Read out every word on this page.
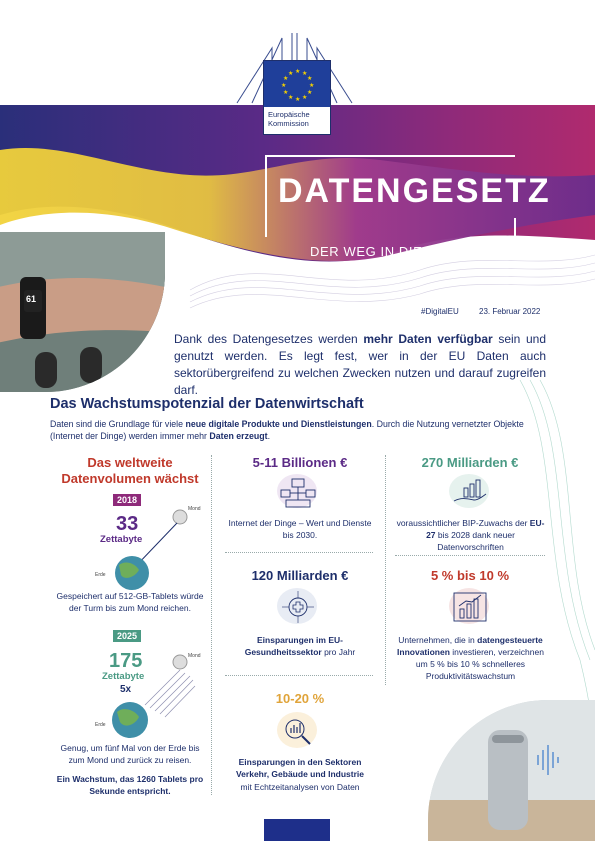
★ ★
★
★
★
★
★
★
★
★
★
★
Europäische
Kommission
DATENGESETZ
DER WEG IN DIE DIGITALE DEKADE
61
#DigitalEU	23. Februar 2022
Dank des Datengesetzes werden mehr Daten verfügbar sein und genutzt werden. Es legt fest, wer in der EU Daten auch sektorübergreifend zu welchen Zwecken nutzen und darauf zugreifen darf.
Das Wachstumspotenzial der Datenwirtschaft
Daten sind die Grundlage für viele neue digitale Produkte und Dienstleistungen. Durch die Nutzung vernetzter Objekte (Internet der Dinge) werden immer mehr Daten erzeugt.
Das weltweite
Datenvolumen wächst
2018
33
Zettabyte
Mond
Erde
Gespeichert auf 512-GB-Tablets würde der Turm bis zum Mond reichen.
2025
175
Zettabyte
5x
Mond
Erde
Genug, um fünf Mal von der Erde bis zum Mond und zurück zu reisen.
Ein Wachstum, das 1260 Tablets pro Sekunde entspricht.
5-11 Billionen €
Internet der Dinge – Wert und Dienste bis 2030.
120 Milliarden €
Einsparungen im EU-Gesundheitssektor pro Jahr
10-20 %
Einsparungen in den Sektoren Verkehr, Gebäude und Industrie
mit Echtzeitanalysen von Daten
270 Milliarden €
voraussichtlicher BIP-Zuwachs der EU-27 bis 2028 dank neuer Datenvorschriften
5 % bis 10 %
Unternehmen, die in datengesteuerte Innovationen investieren, verzeichnen um 5 % bis 10 % schnelleres Produktivitätswachstum
